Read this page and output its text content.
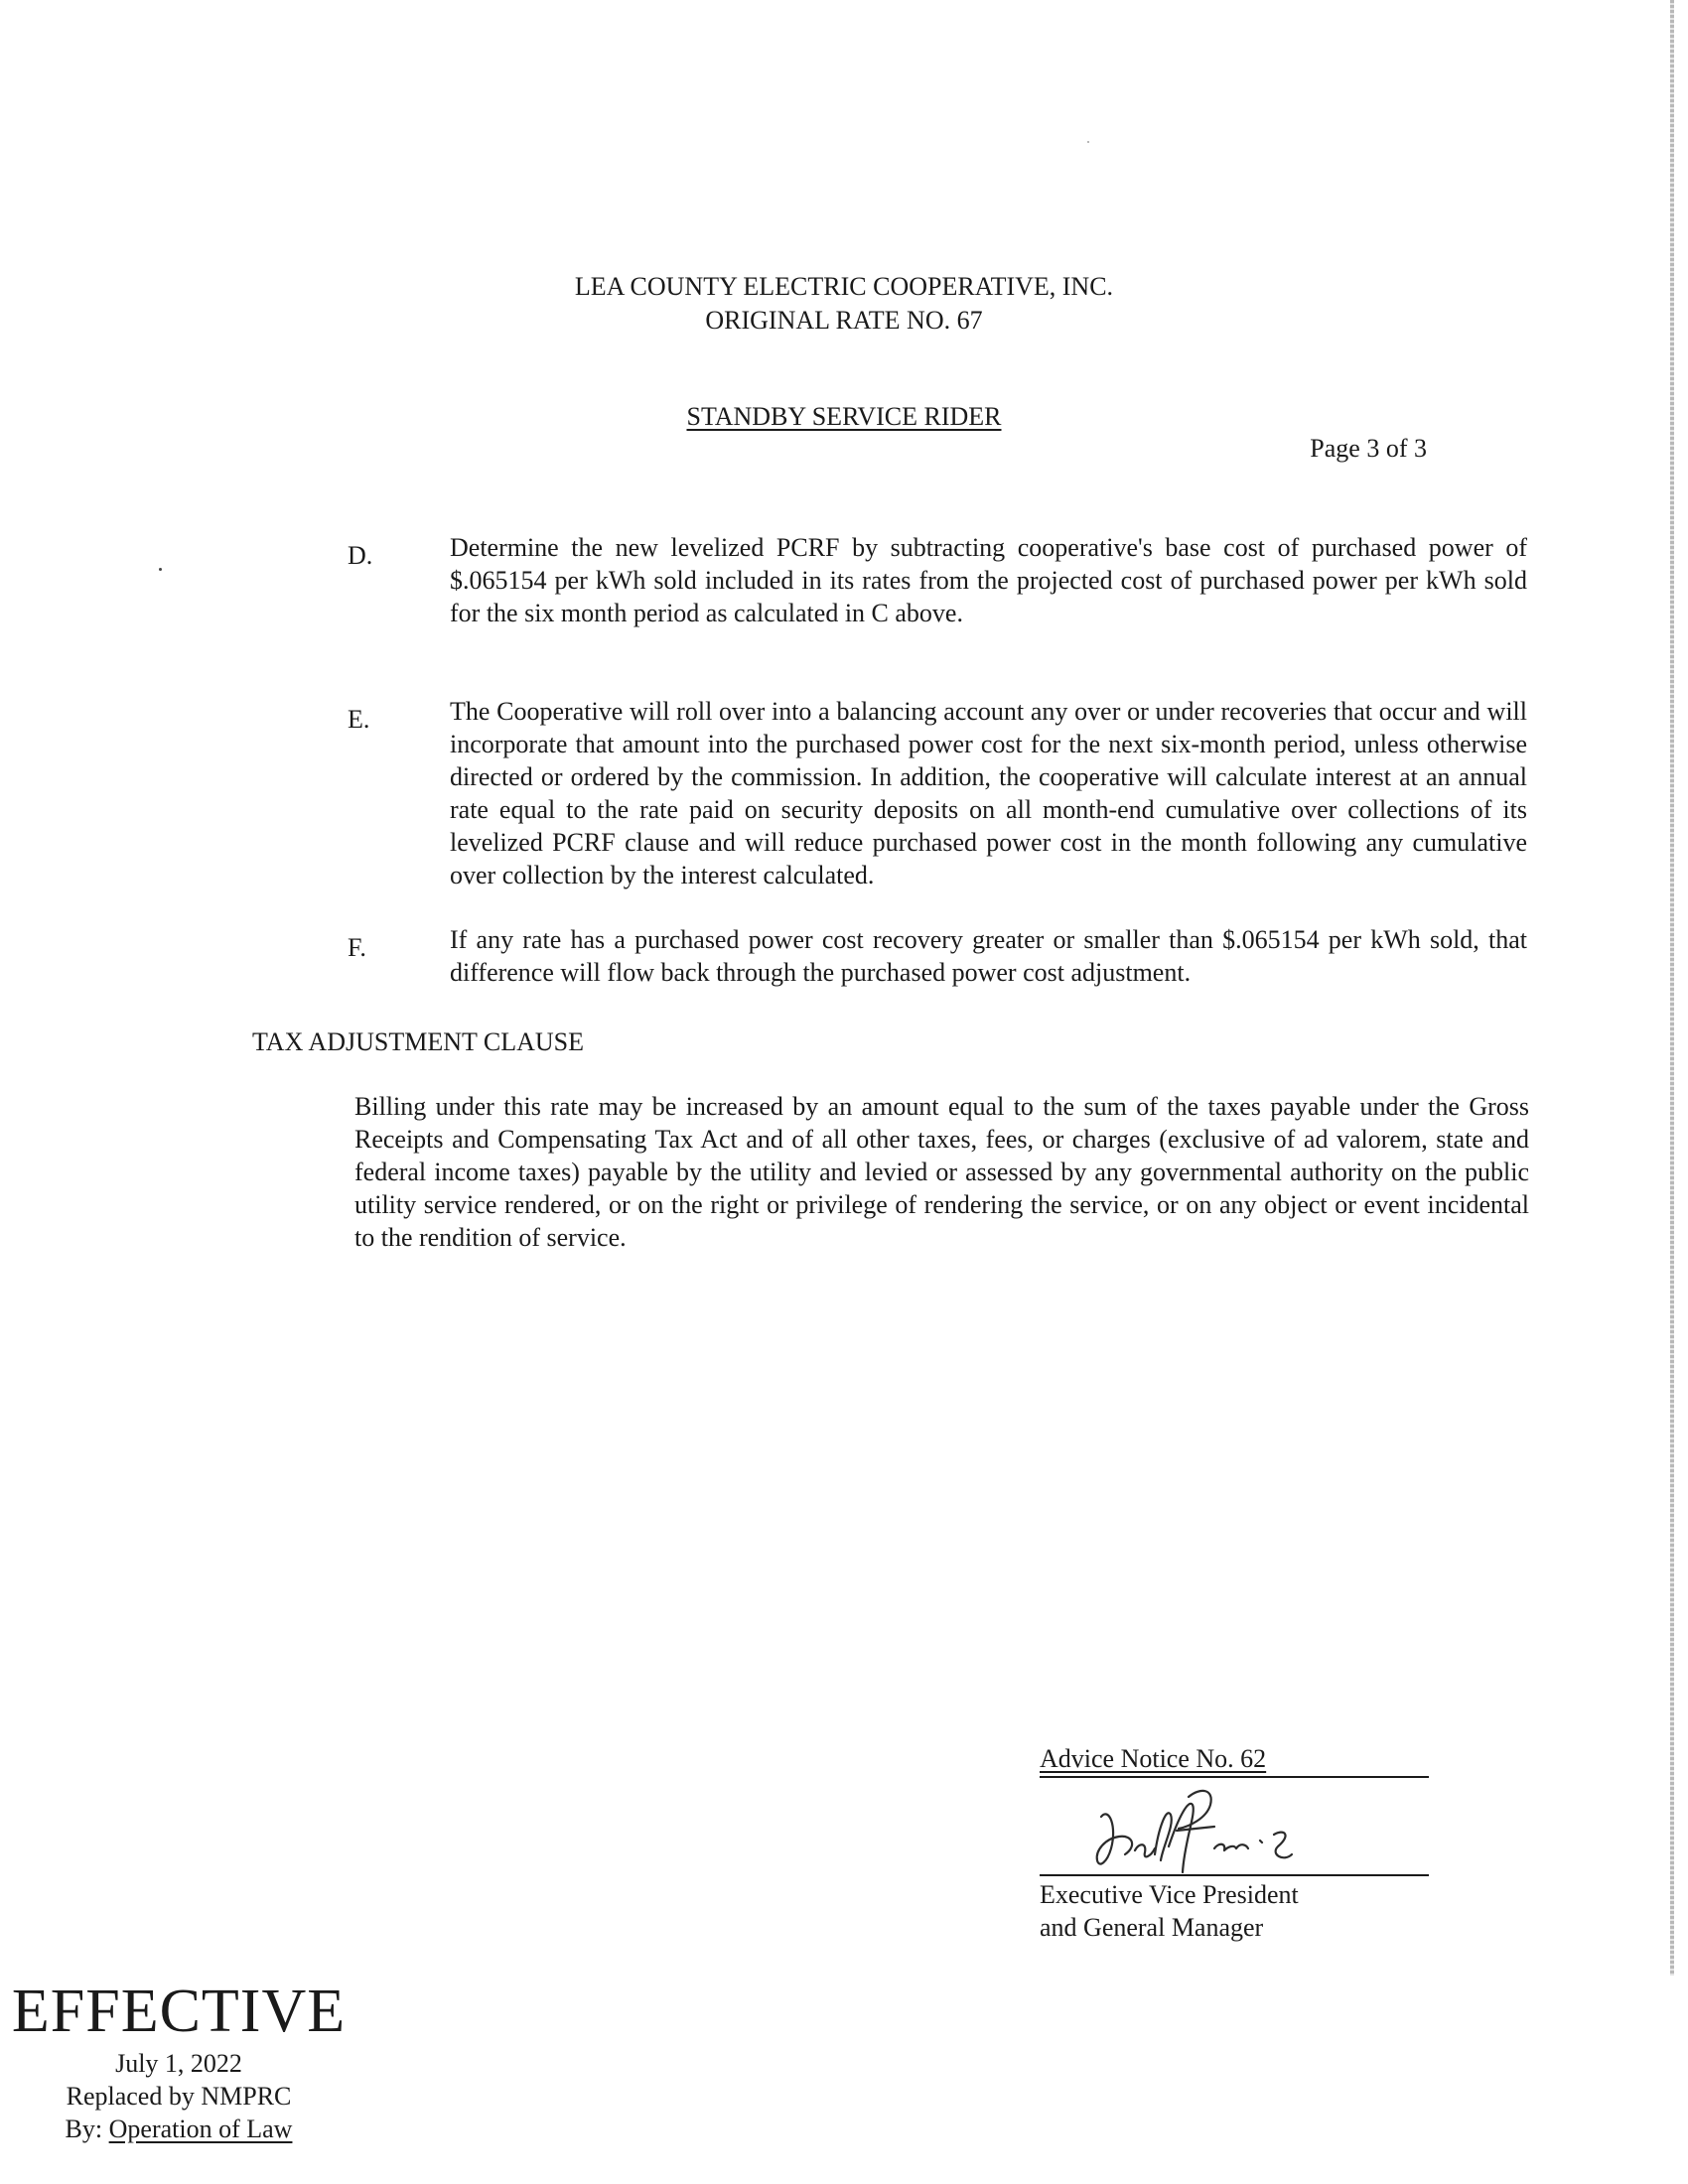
LEA COUNTY ELECTRIC COOPERATIVE, INC.
ORIGINAL RATE NO. 67
STANDBY SERVICE RIDER
Page 3 of 3
D.	Determine the new levelized PCRF by subtracting cooperative's base cost of purchased power of $.065154 per kWh sold included in its rates from the projected cost of purchased power per kWh sold for the six month period as calculated in C above.
E.	The Cooperative will roll over into a balancing account any over or under recoveries that occur and will incorporate that amount into the purchased power cost for the next six-month period, unless otherwise directed or ordered by the commission. In addition, the cooperative will calculate interest at an annual rate equal to the rate paid on security deposits on all month-end cumulative over collections of its levelized PCRF clause and will reduce purchased power cost in the month following any cumulative over collection by the interest calculated.
F.	If any rate has a purchased power cost recovery greater or smaller than $.065154 per kWh sold, that difference will flow back through the purchased power cost adjustment.
TAX ADJUSTMENT CLAUSE
Billing under this rate may be increased by an amount equal to the sum of the taxes payable under the Gross Receipts and Compensating Tax Act and of all other taxes, fees, or charges (exclusive of ad valorem, state and federal income taxes) payable by the utility and levied or assessed by any governmental authority on the public utility service rendered, or on the right or privilege of rendering the service, or on any object or event incidental to the rendition of service.
Advice Notice No. 62
Executive Vice President
and General Manager
EFFECTIVE
July 1, 2022
Replaced by NMPRC
By: Operation of Law
